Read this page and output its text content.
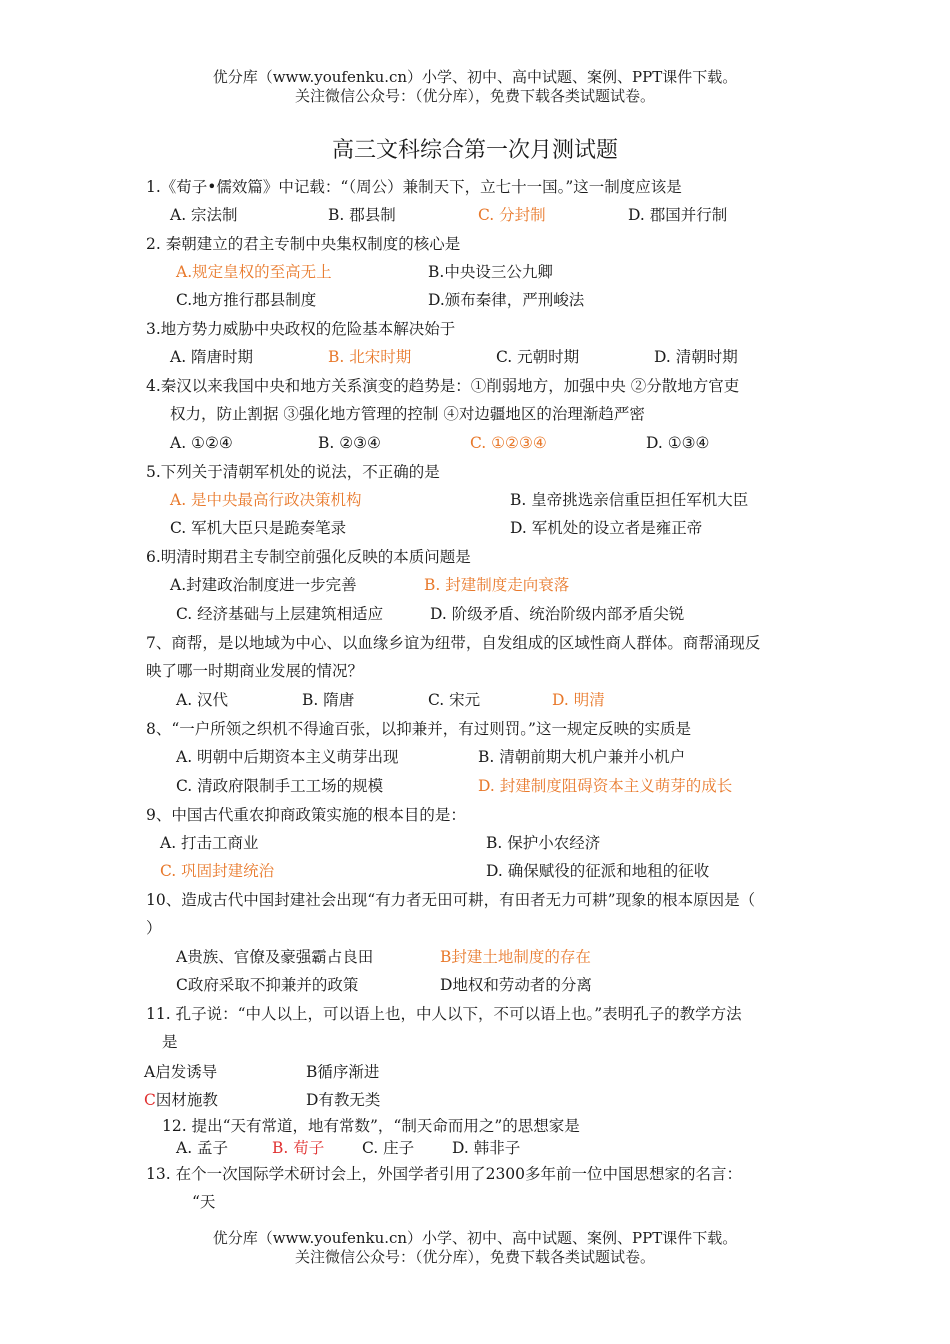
优分库（www.youfenku.cn）小学、初中、高中试题、案例、PPT课件下载。
关注微信公众号：（优分库），免费下载各类试题试卷。
高三文科综合第一次月测试题
1.《荀子•儒效篇》中记载：“（周公）兼制天下，立七十一国。”这一制度应该是
A. 宗法制	B. 郡县制	C. 分封制	D. 郡国并行制
2. 秦朝建立的君主专制中央集权制度的核心是
A.规定皇权的至高无上	B.中央设三公九卿
C.地方推行郡县制度	D.颁布秦律，严刑峻法
3.地方势力威胁中央政权的危险基本解决始于
A. 隋唐时期	B. 北宋时期	C. 元朝时期	D. 清朝时期
4.秦汉以来我国中央和地方关系演变的趋势是：①削弱地方，加强中央 ②分散地方官吏
权力，防止割据 ③强化地方管理的控制 ④对边疆地区的治理渐趋严密
A. ①②④	B. ②③④	C. ①②③④	D. ①③④
5.下列关于清朝军机处的说法，不正确的是
A. 是中央最高行政决策机构	B. 皇帝挑选亲信重臣担任军机大臣
C. 军机大臣只是跪奏笔录	D. 军机处的设立者是雍正帝
6.明清时期君主专制空前强化反映的本质问题是
A.封建政治制度进一步完善	B. 封建制度走向衰落
C. 经济基础与上层建筑相适应	D. 阶级矛盾、统治阶级内部矛盾尖锐
7、商帮，是以地域为中心、以血缘乡谊为纽带，自发组成的区域性商人群体。商帮涌现反
映了哪一时期商业发展的情况？
A. 汉代	B. 隋唐	C. 宋元	D. 明清
8、“一户所领之织机不得逾百张，以抑兼并，有过则罚。”这一规定反映的实质是
A. 明朝中后期资本主义萌芽出现	B. 清朝前期大机户兼并小机户
C. 清政府限制手工工场的规模	D. 封建制度阻碍资本主义萌芽的成长
9、中国古代重农抑商政策实施的根本目的是：
A. 打击工商业	B. 保护小农经济
C. 巩固封建统治	D. 确保赋役的征派和地租的征收
10、造成古代中国封建社会出现“有力者无田可耕，有田者无力可耕”现象的根本原因是（
）
A贵族、官僚及豪强霸占良田	B封建土地制度的存在
C政府采取不抑兼并的政策	D地权和劳动者的分离
11. 孔子说：“中人以上，可以语上也，中人以下，不可以语上也。”表明孔子的教学方法
是
A启发诱导	B循序渐进
C因材施教	D有教无类
12. 提出“天有常道，地有常数”，“制天命而用之”的思想家是
A. 孟子	B. 荀子 C. 庄子 D. 韩非子
13. 在个一次国际学术研讨会上，外国学者引用了2300多年前一位中国思想家的名言：
“天
优分库（www.youfenku.cn）小学、初中、高中试题、案例、PPT课件下载。
关注微信公众号：（优分库），免费下载各类试题试卷。
